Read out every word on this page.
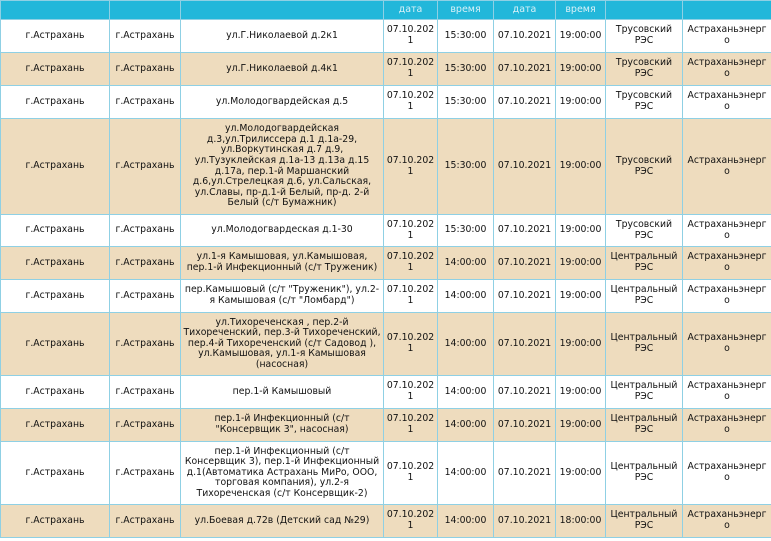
			дата	время	дата	время		
г.Астрахань	г.Астрахань	ул.Г.Николаевой д.2к1	07.10.2021	15:30:00	07.10.2021	19:00:00	Трусовский РЭС	Астраханьэнерго
г.Астрахань	г.Астрахань	ул.Г.Николаевой д.4к1	07.10.2021	15:30:00	07.10.2021	19:00:00	Трусовский РЭС	Астраханьэнерго
г.Астрахань	г.Астрахань	ул.Молодогвардейская д.5	07.10.2021	15:30:00	07.10.2021	19:00:00	Трусовский РЭС	Астраханьэнерго
г.Астрахань	г.Астрахань	ул.Молодогвардейская д.3,ул.Трилиссера д.1 д.1а-29, ул.Воркутинская д.7 д.9, ул.Тузуклейская д.1а-13 д.13а д.15 д.17а, пер.1-й Маршанский д.6,ул.Стрелецкая д.6, ул.Сальская, ул.Славы, пр-д.1-й Белый, пр-д. 2-й Белый (с/т Бумажник)	07.10.2021	15:30:00	07.10.2021	19:00:00	Трусовский РЭС	Астраханьэнерго
г.Астрахань	г.Астрахань	ул.Молодогвардеская д.1-30	07.10.2021	15:30:00	07.10.2021	19:00:00	Трусовский РЭС	Астраханьэнерго
г.Астрахань	г.Астрахань	ул.1-я Камышовая, ул.Камышовая, пер.1-й Инфекционный (с/т Труженик)	07.10.2021	14:00:00	07.10.2021	19:00:00	Центральный РЭС	Астраханьэнерго
г.Астрахань	г.Астрахань	пер.Камышовый (с/т "Труженик"), ул.2-я Камышовая (с/т "Ломбард")	07.10.2021	14:00:00	07.10.2021	19:00:00	Центральный РЭС	Астраханьэнерго
г.Астрахань	г.Астрахань	ул.Тихореченская , пер.2-й Тихореченский, пер.3-й Тихореченский, пер.4-й Тихореченский (с/т Садовод ), ул.Камышовая, ул.1-я Камышовая (насосная)	07.10.2021	14:00:00	07.10.2021	19:00:00	Центральный РЭС	Астраханьэнерго
г.Астрахань	г.Астрахань	пер.1-й Камышовый	07.10.2021	14:00:00	07.10.2021	19:00:00	Центральный РЭС	Астраханьэнерго
г.Астрахань	г.Астрахань	пер.1-й Инфекционный (с/т "Консервщик 3", насосная)	07.10.2021	14:00:00	07.10.2021	19:00:00	Центральный РЭС	Астраханьэнерго
г.Астрахань	г.Астрахань	пер.1-й Инфекционный (с/т Консервщик 3), пер.1-й Инфекционный д.1(Автоматика Астрахань МиРо, ООО, торговая компания), ул.2-я Тихореченская (с/т Консервщик-2)	07.10.2021	14:00:00	07.10.2021	19:00:00	Центральный РЭС	Астраханьэнерго
г.Астрахань	г.Астрахань	ул.Боевая д.72в (Детский сад №29)	07.10.2021	14:00:00	07.10.2021	18:00:00	Центральный РЭС	Астраханьэнерго
